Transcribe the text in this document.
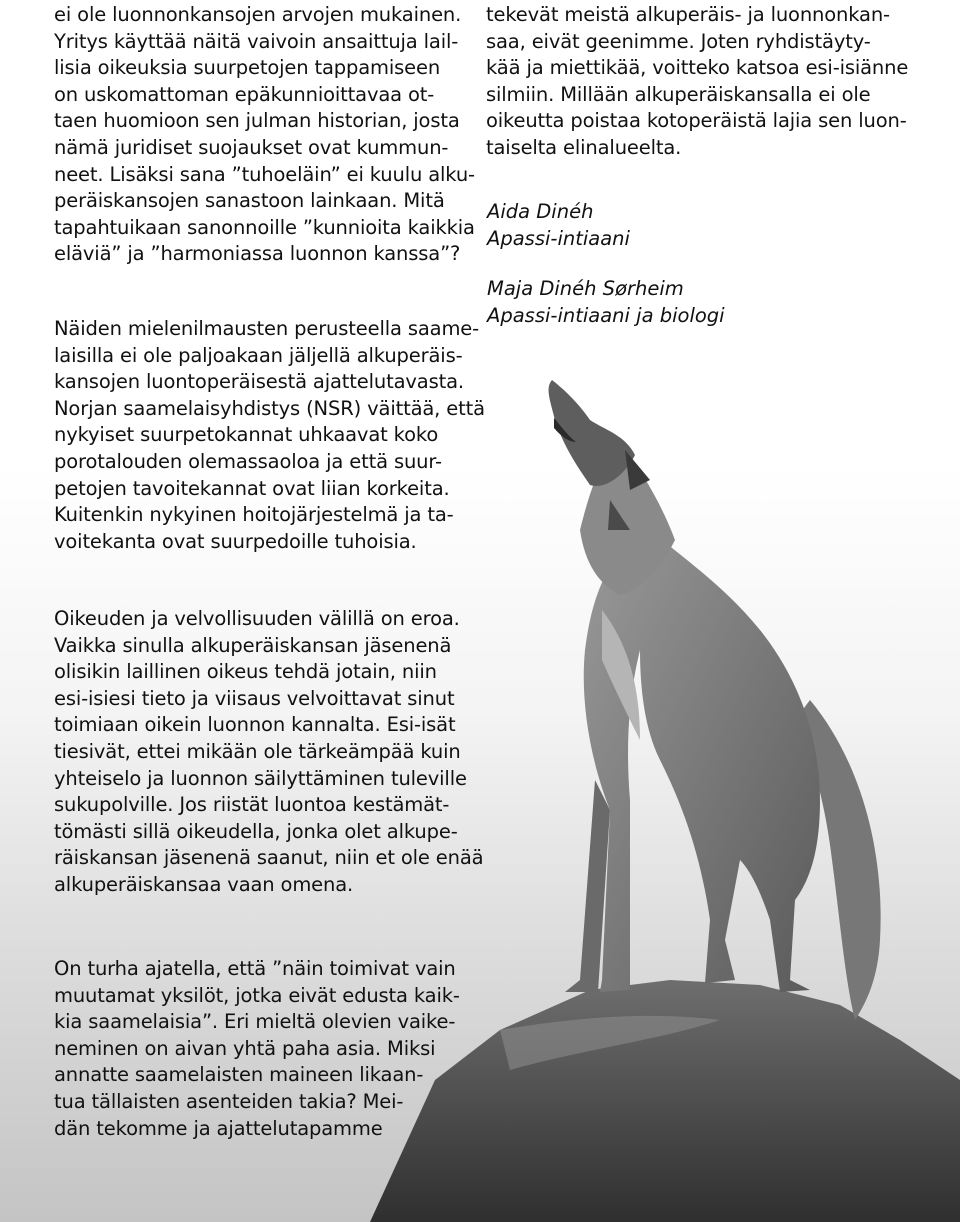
ei ole luonnonkansojen arvojen mukainen.
Yritys käyttää näitä vaivoin ansaittuja lail-
lisia oikeuksia suurpetojen tappamiseen
on uskomattoman epäkunnioittavaa ot-
taen huomioon sen julman historian, josta
nämä juridiset suojaukset ovat kummun-
neet. Lisäksi sana ”tuhoeläin” ei kuulu alku-
peräiskansojen sanastoon lainkaan. Mitä
tapahtuikaan sanonnoille ”kunnioita kaikkia
eläviä” ja ”harmoniassa luonnon kanssa”?

Näiden mielenilmausten perusteella saame-
laisilla ei ole paljoakaan jäljellä alkuperäis-
kansojen luontoperäisestä ajattelutavasta.
Norjan saamelaisyhdistys (NSR) väittää, että
nykyiset suurpetokannat uhkaavat koko
porotalouden olemassaoloa ja että suur-
petojen tavoitekannat ovat liian korkeita.
Kuitenkin nykyinen hoitojärjestelmä ja ta-
voitekanta ovat suurpedoille tuhoisia.

Oikeuden ja velvollisuuden välillä on eroa.
Vaikka sinulla alkuperäiskansan jäsenenä
olisikin laillinen oikeus tehdä jotain, niin
esi-isiesi tieto ja viisaus velvoittavat sinut
toimiaan oikein luonnon kannalta. Esi-isät
tiesivät, ettei mikään ole tärkeämpää kuin
yhteiselo ja luonnon säilyttäminen tuleville
sukupolville. Jos riistät luontoa kestämät-
tömästi sillä oikeudella, jonka olet alkupe-
räiskansan jäsenenä saanut, niin et ole enää
alkuperäiskansaa vaan omena.

On turha ajatella, että ”näin toimivat vain
muutamat yksilöt, jotka eivät edusta kaik-
kia saamelaisia”. Eri mieltä olevien vaike-
neminen on aivan yhtä paha asia. Miksi
annatte saamelaisten maineen likaan-
tua tällaisten asenteiden takia? Mei-
dän tekomme ja ajattelutapamme

tekevät meistä alkuperäis- ja luonnonkan-
saa, eivät geenimme. Joten ryhdistäyty-
kää ja miettikää, voitteko katsoa esi-isiänne
silmiin. Millään alkuperäiskansalla ei ole
oikeutta poistaa kotoperäistä lajia sen luon-
taiselta elinalueelta.

Aida Dinéh
Apassi-intiaani

Maja Dinéh Sørheim
Apassi-intiaani ja biologi
